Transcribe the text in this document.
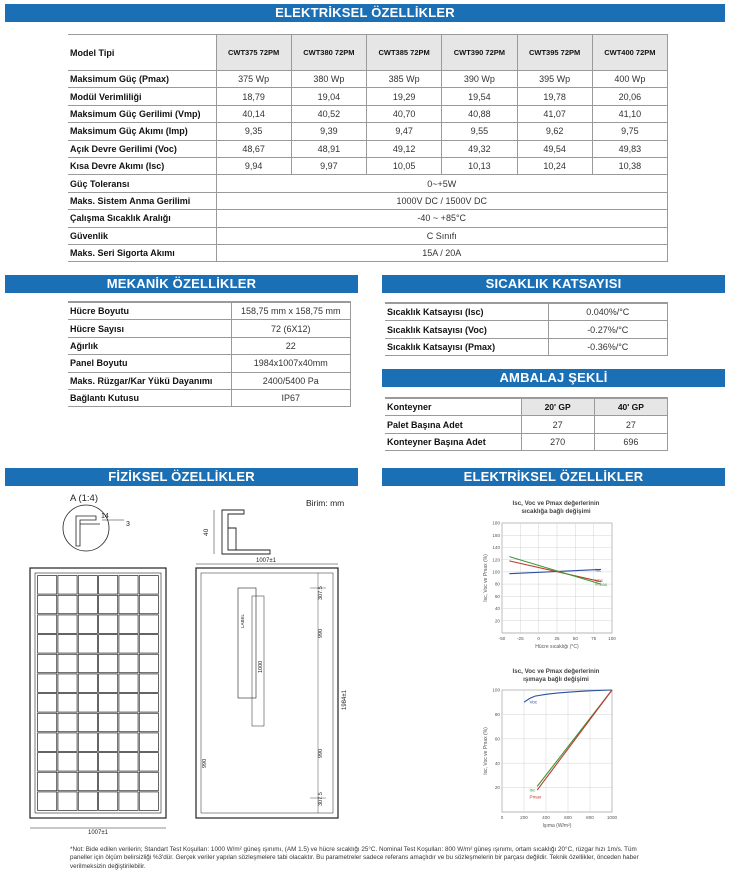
ELEKTRİKSEL ÖZELLİKLER
Model Tipi	CWT375 72PM	CWT380 72PM	CWT385 72PM	CWT390 72PM	CWT395 72PM	CWT400 72PM
Maksimum Güç (Pmax)	375 Wp	380 Wp	385 Wp	390 Wp	395 Wp	400 Wp
Modül Verimliliği	18,79	19,04	19,29	19,54	19,78	20,06
Maksimum Güç Gerilimi (Vmp)	40,14	40,52	40,70	40,88	41,07	41,10
Maksimum Güç Akımı (Imp)	9,35	9,39	9,47	9,55	9,62	9,75
Açık Devre Gerilimi (Voc)	48,67	48,91	49,12	49,32	49,54	49,83
Kısa Devre Akımı (Isc)	9,94	9,97	10,05	10,13	10,24	10,38
Güç Toleransı	0~+5W					
Maks. Sistem Anma Gerilimi	1000V DC / 1500V DC					
Çalışma Sıcaklık Aralığı	-40 ~ +85°C					
Güvenlik	C Sınıfı					
Maks. Seri Sigorta Akımı	15A / 20A					
MEKANİK ÖZELLİKLER
Hücre Boyutu	158,75 mm x 158,75 mm
Hücre Sayısı	72 (6X12)
Ağırlık	22
Panel Boyutu	1984x1007x40mm
Maks. Rüzgar/Kar Yükü Dayanımı	2400/5400 Pa
Bağlantı Kutusu	IP67
SICAKLIK KATSAYISI
Sıcaklık Katsayısı (Isc)	0.040%/°C
Sıcaklık Katsayısı (Voc)	-0.27%/°C
Sıcaklık Katsayısı (Pmax)	-0.36%/°C
AMBALAJ ŞEKLİ
Konteyner	20' GP	40' GP
Palet Başına Adet	27	27
Konteyner Başına Adet	270	696
FİZİKSEL ÖZELLİKLER
A (1:4)
14
3
40
Birim: mm
1007±1
LABEL
1007±1
1984±1
307.5
990
1000
990
307.5
990
ELEKTRİKSEL ÖZELLİKLER
Isc, Voc ve Pmax değerlerinin
sıcaklığa bağlı değişimi
-50	-25	0	25	50	75	100
20
40
60
80
100
120
140
160
180
Hücre sıcaklığı (°C)
Isc, Voc ve Pmax (%)	Isc
Voc
Pmax
Isc, Voc ve Pmax değerlerinin
ışımaya bağlı değişimi
0	200	400	600	800	1000
20
40
60
80
100
Işıma (W/m²)
Isc, Voc ve Pmax (%)
Voc
Isc
Pmax
*Not: Bide edilen verilerin; Standart Test Koşulları: 1000 W/m² güneş ışınımı, (AM 1.5) ve hücre sıcaklığı 25°C. Nominal Test Koşulları: 800 W/m² güneş ışınımı, ortam sıcaklığı 20°C, rüzgar hızı 1m/s. Tüm paneller için ölçüm belirsizliği %3'dür. Gerçek veriler yapılan sözleşmelere tabi olacaktır. Bu parametreler sadece referans amaçlıdır ve bu sözleşmelerin bir parçası değildir. Teknik özellikler, önceden haber verilmeksizin değiştirilebilir.
